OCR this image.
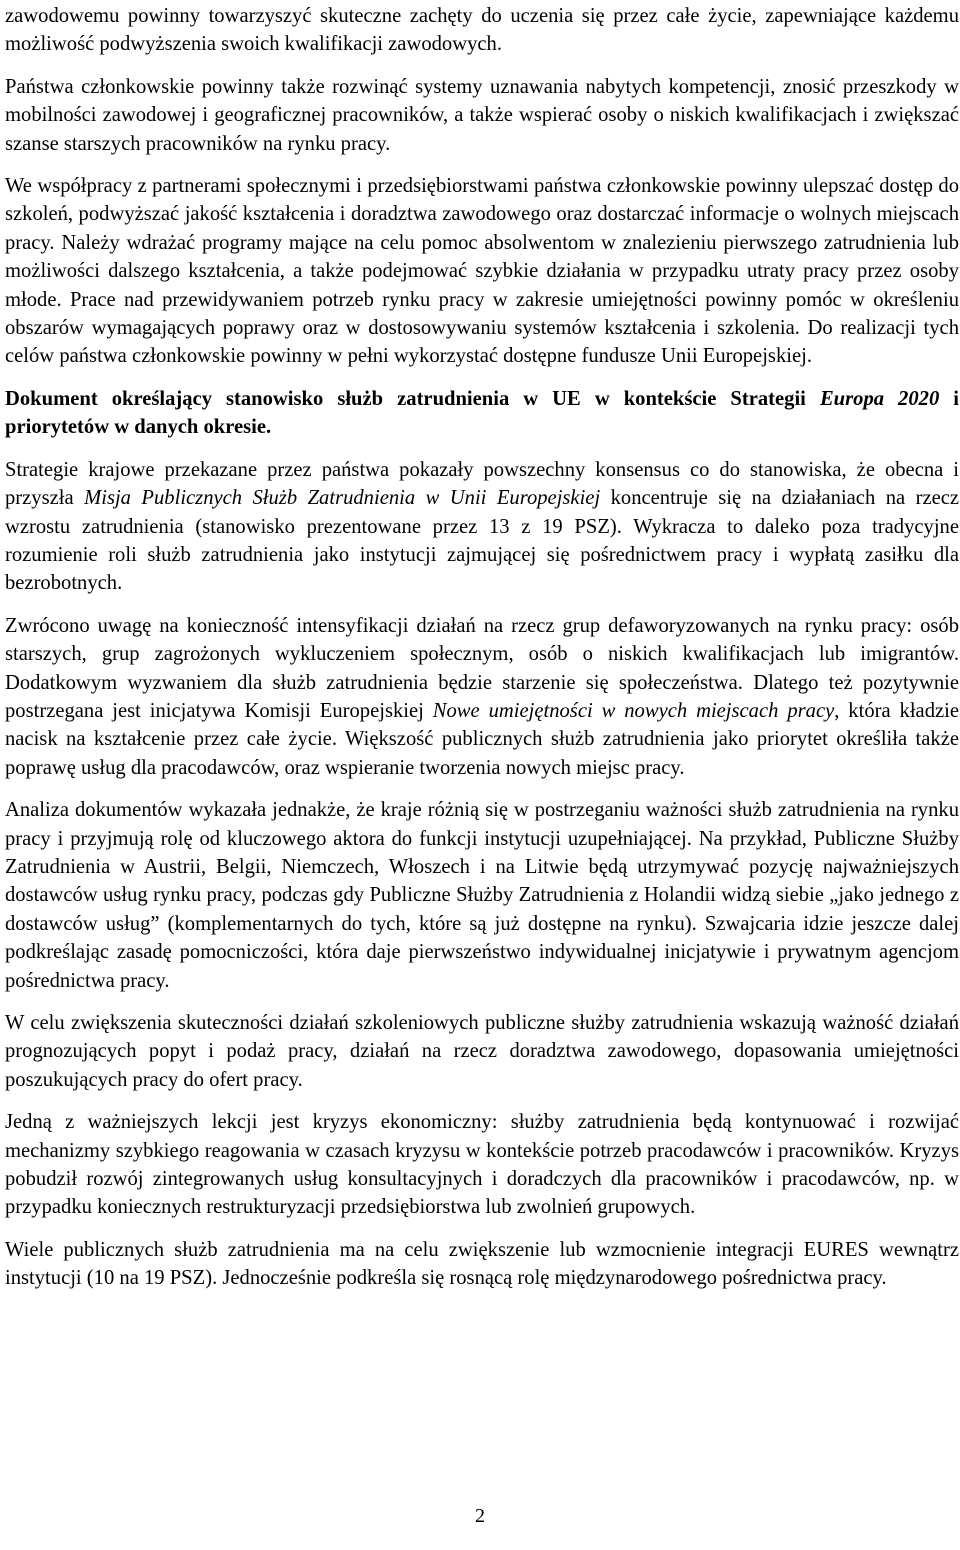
zawodowemu powinny towarzyszyć skuteczne zachęty do uczenia się przez całe życie, zapewniające każdemu możliwość podwyższenia swoich kwalifikacji zawodowych.

Państwa członkowskie powinny także rozwinąć systemy uznawania nabytych kompetencji, znosić przeszkody w mobilności zawodowej i geograficznej pracowników, a także wspierać osoby o niskich kwalifikacjach i zwiększać szanse starszych pracowników na rynku pracy.

We współpracy z partnerami społecznymi i przedsiębiorstwami państwa członkowskie powinny ulepszać dostęp do szkoleń, podwyższać jakość kształcenia i doradztwa zawodowego oraz dostarczać informacje o wolnych miejscach pracy. Należy wdrażać programy mające na celu pomoc absolwentom w znalezieniu pierwszego zatrudnienia lub możliwości dalszego kształcenia, a także podejmować szybkie działania w przypadku utraty pracy przez osoby młode. Prace nad przewidywaniem potrzeb rynku pracy w zakresie umiejętności powinny pomóc w określeniu obszarów wymagających poprawy oraz w dostosowywaniu systemów kształcenia i szkolenia. Do realizacji tych celów państwa członkowskie powinny w pełni wykorzystać dostępne fundusze Unii Europejskiej.

Dokument określający stanowisko służb zatrudnienia w UE w kontekście Strategii Europa 2020 i priorytetów w danych okresie.

Strategie krajowe przekazane przez państwa pokazały powszechny konsensus co do stanowiska, że obecna i przyszła Misja Publicznych Służb Zatrudnienia w Unii Europejskiej koncentruje się na działaniach na rzecz wzrostu zatrudnienia (stanowisko prezentowane przez 13 z 19 PSZ). Wykracza to daleko poza tradycyjne rozumienie roli służb zatrudnienia jako instytucji zajmującej się pośrednictwem pracy i wypłatą zasiłku dla bezrobotnych.

Zwrócono uwagę na konieczność intensyfikacji działań na rzecz grup defaworyzowanych na rynku pracy: osób starszych, grup zagrożonych wykluczeniem społecznym, osób o niskich kwalifikacjach lub imigrantów. Dodatkowym wyzwaniem dla służb zatrudnienia będzie starzenie się społeczeństwa. Dlatego też pozytywnie postrzegana jest inicjatywa Komisji Europejskiej Nowe umiejętności w nowych miejscach pracy, która kładzie nacisk na kształcenie przez całe życie. Większość publicznych służb zatrudnienia jako priorytet określiła także poprawę usług dla pracodawców, oraz wspieranie tworzenia nowych miejsc pracy.

Analiza dokumentów wykazała jednakże, że kraje różnią się w postrzeganiu ważności służb zatrudnienia na rynku pracy i przyjmują rolę od kluczowego aktora do funkcji instytucji uzupełniającej. Na przykład, Publiczne Służby Zatrudnienia w Austrii, Belgii, Niemczech, Włoszech i na Litwie będą utrzymywać pozycję najważniejszych dostawców usług rynku pracy, podczas gdy Publiczne Służby Zatrudnienia z Holandii widzą siebie „jako jednego z dostawców usług” (komplementarnych do tych, które są już dostępne na rynku). Szwajcaria idzie jeszcze dalej podkreślając zasadę pomocniczości, która daje pierwszeństwo indywidualnej inicjatywie i prywatnym agencjom pośrednictwa pracy.

W celu zwiększenia skuteczności działań szkoleniowych publiczne służby zatrudnienia wskazują ważność działań prognozujących popyt i podaż pracy, działań na rzecz doradztwa zawodowego, dopasowania umiejętności poszukujących pracy do ofert pracy.

Jedną z ważniejszych lekcji jest kryzys ekonomiczny: służby zatrudnienia będą kontynuować i rozwijać mechanizmy szybkiego reagowania w czasach kryzysu w kontekście potrzeb pracodawców i pracowników. Kryzys pobudził rozwój zintegrowanych usług konsultacyjnych i doradczych dla pracowników i pracodawców, np. w przypadku koniecznych restrukturyzacji przedsiębiorstwa lub zwolnień grupowych.

Wiele publicznych służb zatrudnienia ma na celu zwiększenie lub wzmocnienie integracji EURES wewnątrz instytucji (10 na 19 PSZ). Jednocześnie podkreśla się rosnącą rolę międzynarodowego pośrednictwa pracy.

2
